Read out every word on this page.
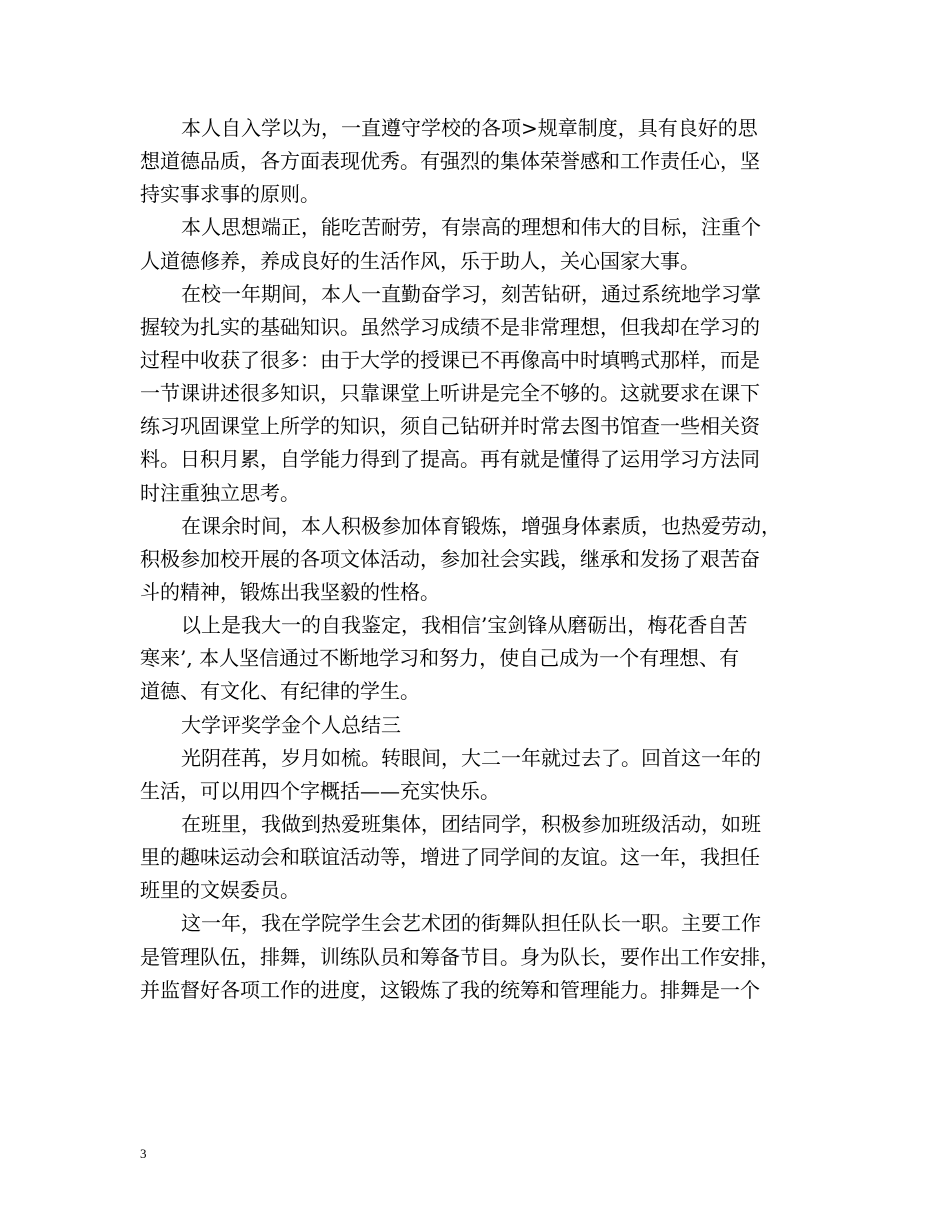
本人自入学以为，一直遵守学校的各项>规章制度，具有良好的思
想道德品质，各方面表现优秀。有强烈的集体荣誉感和工作责任心，坚
持实事求事的原则。
本人思想端正，能吃苦耐劳，有崇高的理想和伟大的目标，注重个
人道德修养，养成良好的生活作风，乐于助人，关心国家大事。
在校一年期间，本人一直勤奋学习，刻苦钻研，通过系统地学习掌
握较为扎实的基础知识。虽然学习成绩不是非常理想，但我却在学习的
过程中收获了很多：由于大学的授课已不再像高中时填鸭式那样，而是
一节课讲述很多知识，只靠课堂上听讲是完全不够的。这就要求在课下
练习巩固课堂上所学的知识，须自己钻研并时常去图书馆查一些相关资
料。日积月累，自学能力得到了提高。再有就是懂得了运用学习方法同
时注重独立思考。
在课余时间，本人积极参加体育锻炼，增强身体素质，也热爱劳动，
积极参加校开展的各项文体活动，参加社会实践，继承和发扬了艰苦奋
斗的精神，锻炼出我坚毅的性格。
以上是我大一的自我鉴定，我相信’宝剑锋从磨砺出，梅花香自苦
寒来’, 本人坚信通过不断地学习和努力，使自己成为一个有理想、有
道德、有文化、有纪律的学生。
大学评奖学金个人总结三
光阴荏苒，岁月如梳。转眼间，大二一年就过去了。回首这一年的
生活，可以用四个字概括——充实快乐。
在班里，我做到热爱班集体，团结同学，积极参加班级活动，如班
里的趣味运动会和联谊活动等，增进了同学间的友谊。这一年，我担任
班里的文娱委员。
这一年，我在学院学生会艺术团的街舞队担任队长一职。主要工作
是管理队伍，排舞，训练队员和筹备节目。身为队长，要作出工作安排，
并监督好各项工作的进度，这锻炼了我的统筹和管理能力。排舞是一个
3
